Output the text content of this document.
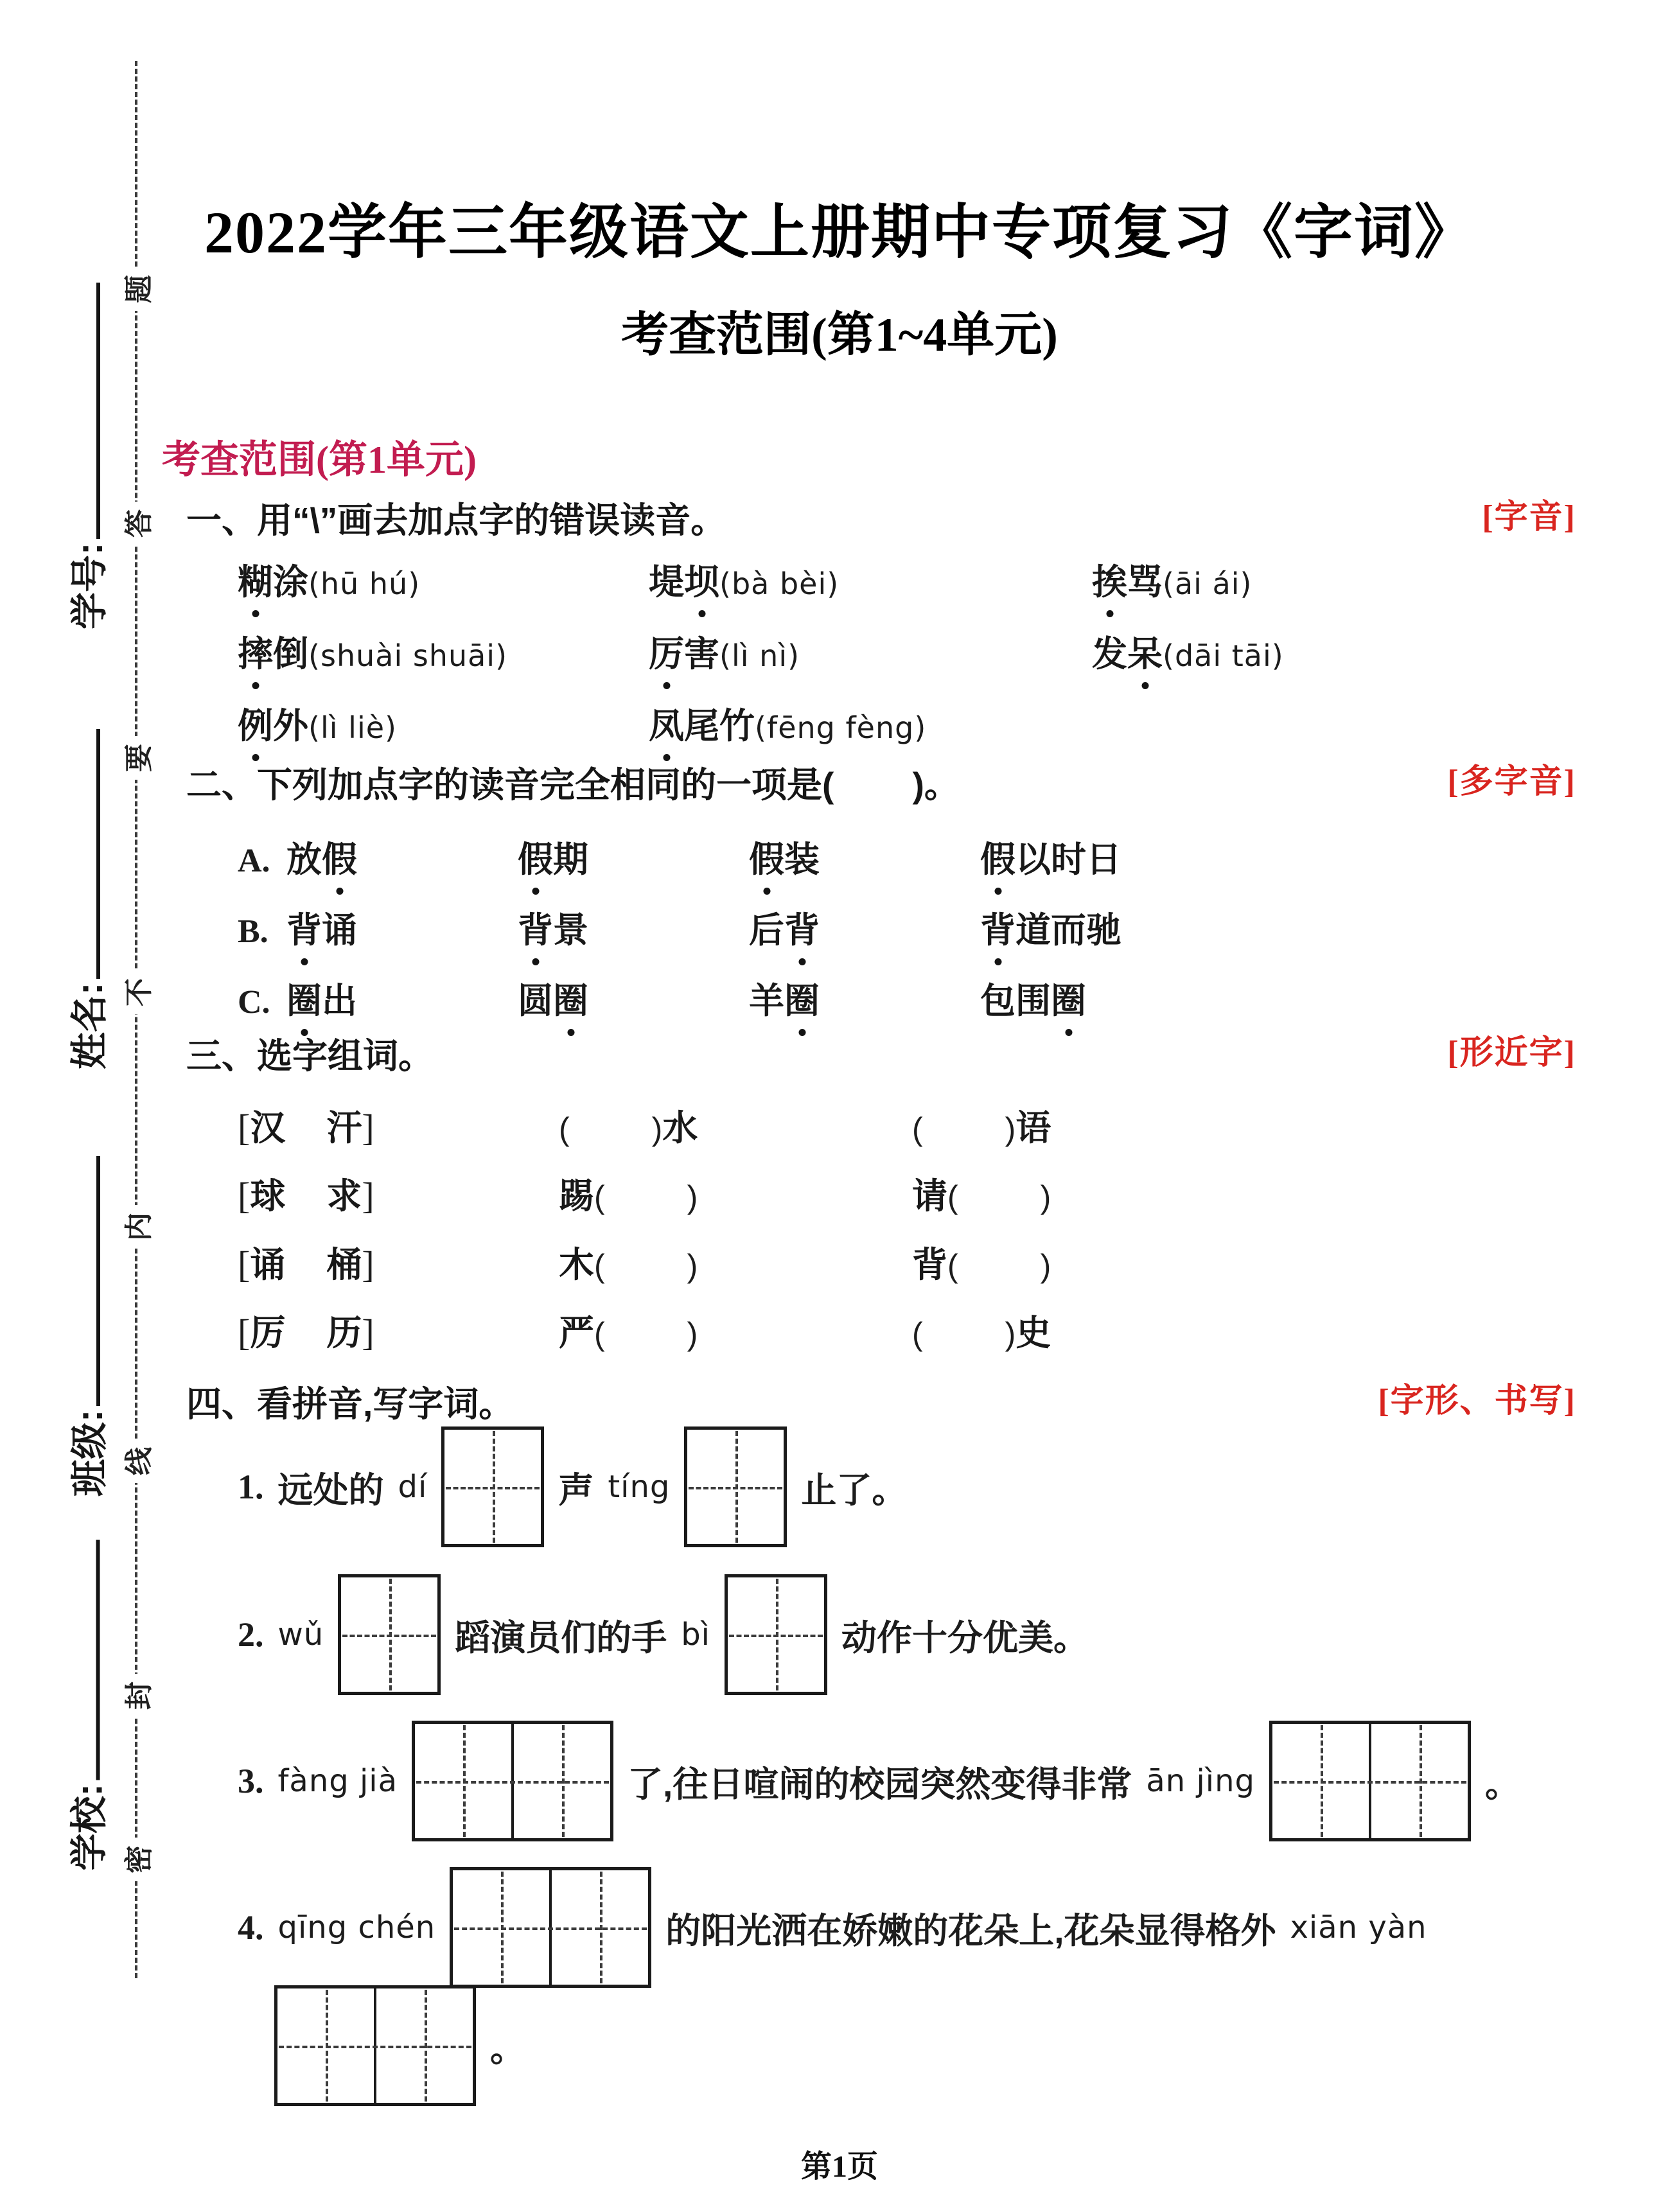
题
答
要
不
内
线
封
密
学号:
姓名:
班级:
学校:
2022学年三年级语文上册期中专项复习《字词》
考查范围(第1~4单元)
考查范围(第1单元)
一、用“\”画去加点字的错误读音。	[字音]
二、下列加点字的读音完全相同的一项是(        )。	[多字音]
三、选字组词。	[形近字]
四、看拼音,写字词。	[字形、书写]
糊涂(hū hú)	堤坝(bà bèi)	挨骂(āi ái)
摔倒(shuài shuāi)	厉害(lì nì)	发呆(dāi tāi)
例外(lì liè)	凤尾竹(fēng fèng)
A. 放假	假期	假装	假以时日
B. 背诵	背景	后背	背道而驰
C. 圈出	圆圈	羊圈	包围圈
[汉 汗]	(	)水	(	)语
[球 求]	踢(	)	请(	)
[诵 桶]	木(	)	背(	)
[厉 历]	严(	)	(	)史
1. 远处的 dí	声 tíng	止了。
2. wǔ	蹈演员们的手 bì	动作十分优美。
3. fàng jià	了,往日喧闹的校园突然变得非常 ān jìng	。
4. qīng chén	的阳光洒在娇嫩的花朵上,花朵显得格外 xiān yàn
。
第1页
